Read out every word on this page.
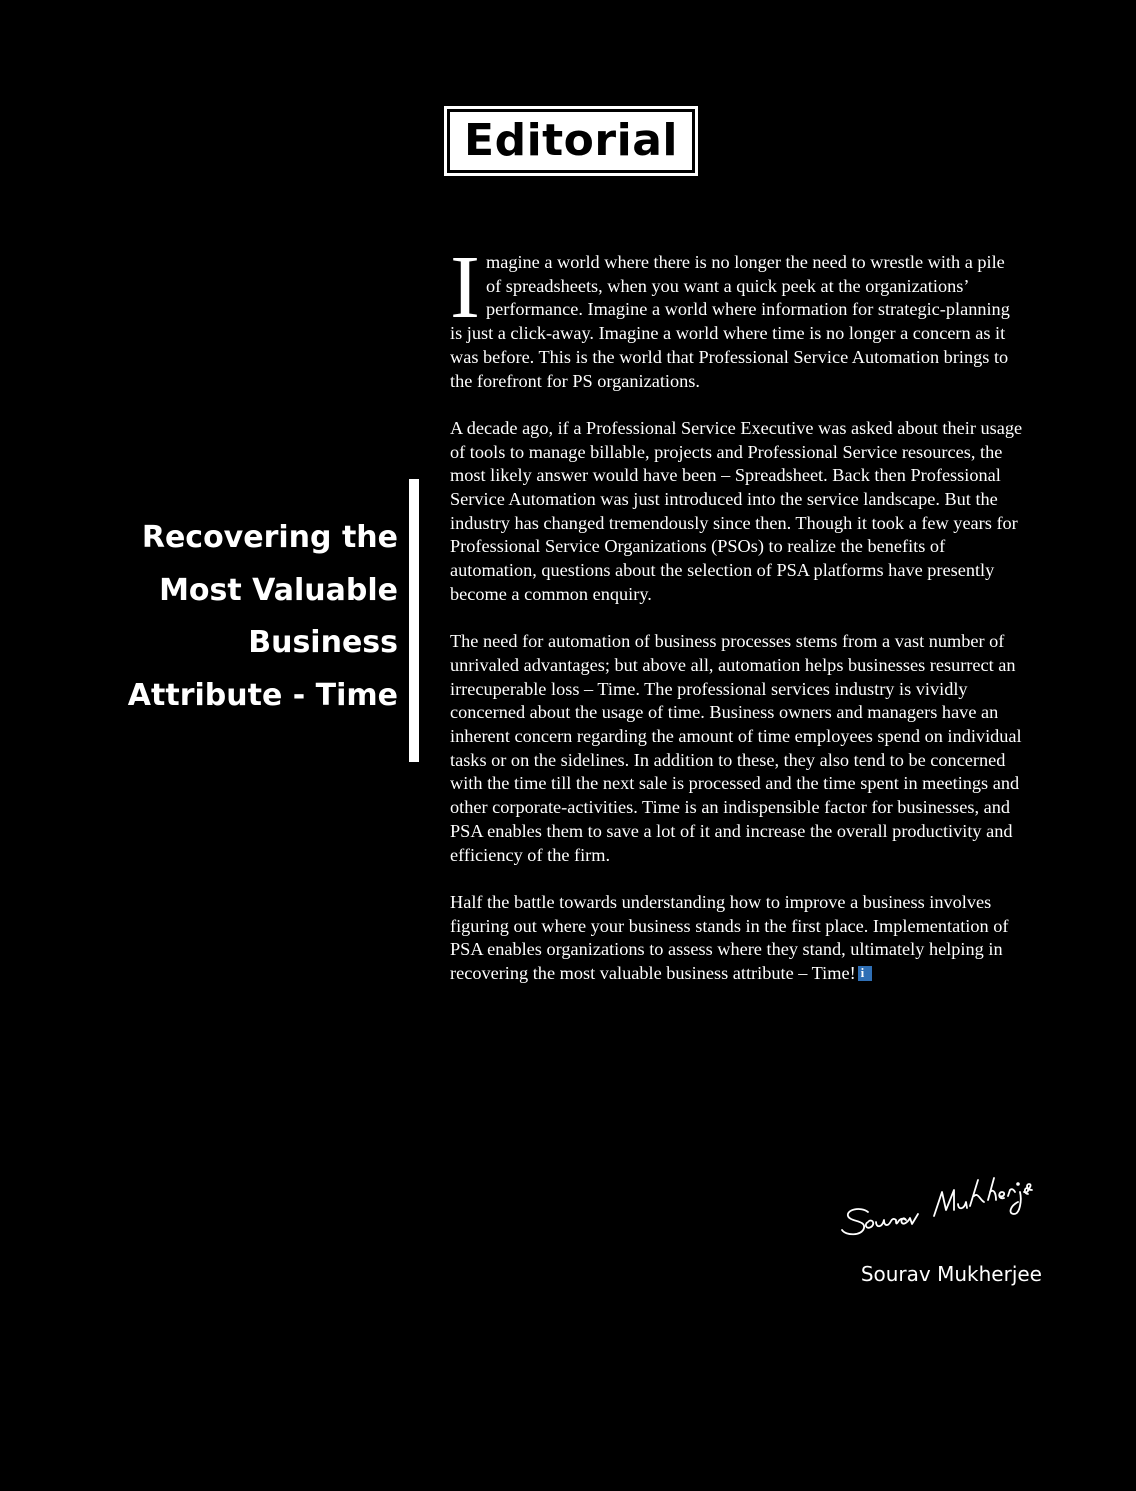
Editorial
Recovering the
Most Valuable
Business
Attribute - Time

Imagine a world where there is no longer the need to wrestle with a pile of spreadsheets, when you want a quick peek at the organizations’ performance. Imagine a world where information for strategic-planning is just a click-away. Imagine a world where time is no longer a concern as it was before. This is the world that Professional Service Automation brings to the forefront for PS organizations.

A decade ago, if a Professional Service Executive was asked about their usage of tools to manage billable, projects and Professional Service resources, the most likely answer would have been – Spreadsheet. Back then Professional Service Automation was just introduced into the service landscape. But the industry has changed tremendously since then. Though it took a few years for Professional Service Organizations (PSOs) to realize the benefits of automation, questions about the selection of PSA platforms have presently become a common enquiry.

The need for automation of business processes stems from a vast number of unrivaled advantages; but above all, automation helps businesses resurrect an irrecuperable loss – Time. The professional services industry is vividly concerned about the usage of time. Business owners and managers have an inherent concern regarding the amount of time employees spend on individual tasks or on the sidelines. In addition to these, they also tend to be concerned with the time till the next sale is processed and the time spent in meetings and other corporate-activities. Time is an indispensible factor for businesses, and PSA enables them to save a lot of it and increase the overall productivity and efficiency of the firm.

Half the battle towards understanding how to improve a business involves figuring out where your business stands in the first place. Implementation of PSA enables organizations to assess where they stand, ultimately helping in recovering the most valuable business attribute – Time! i

Sourav Mukherjee
